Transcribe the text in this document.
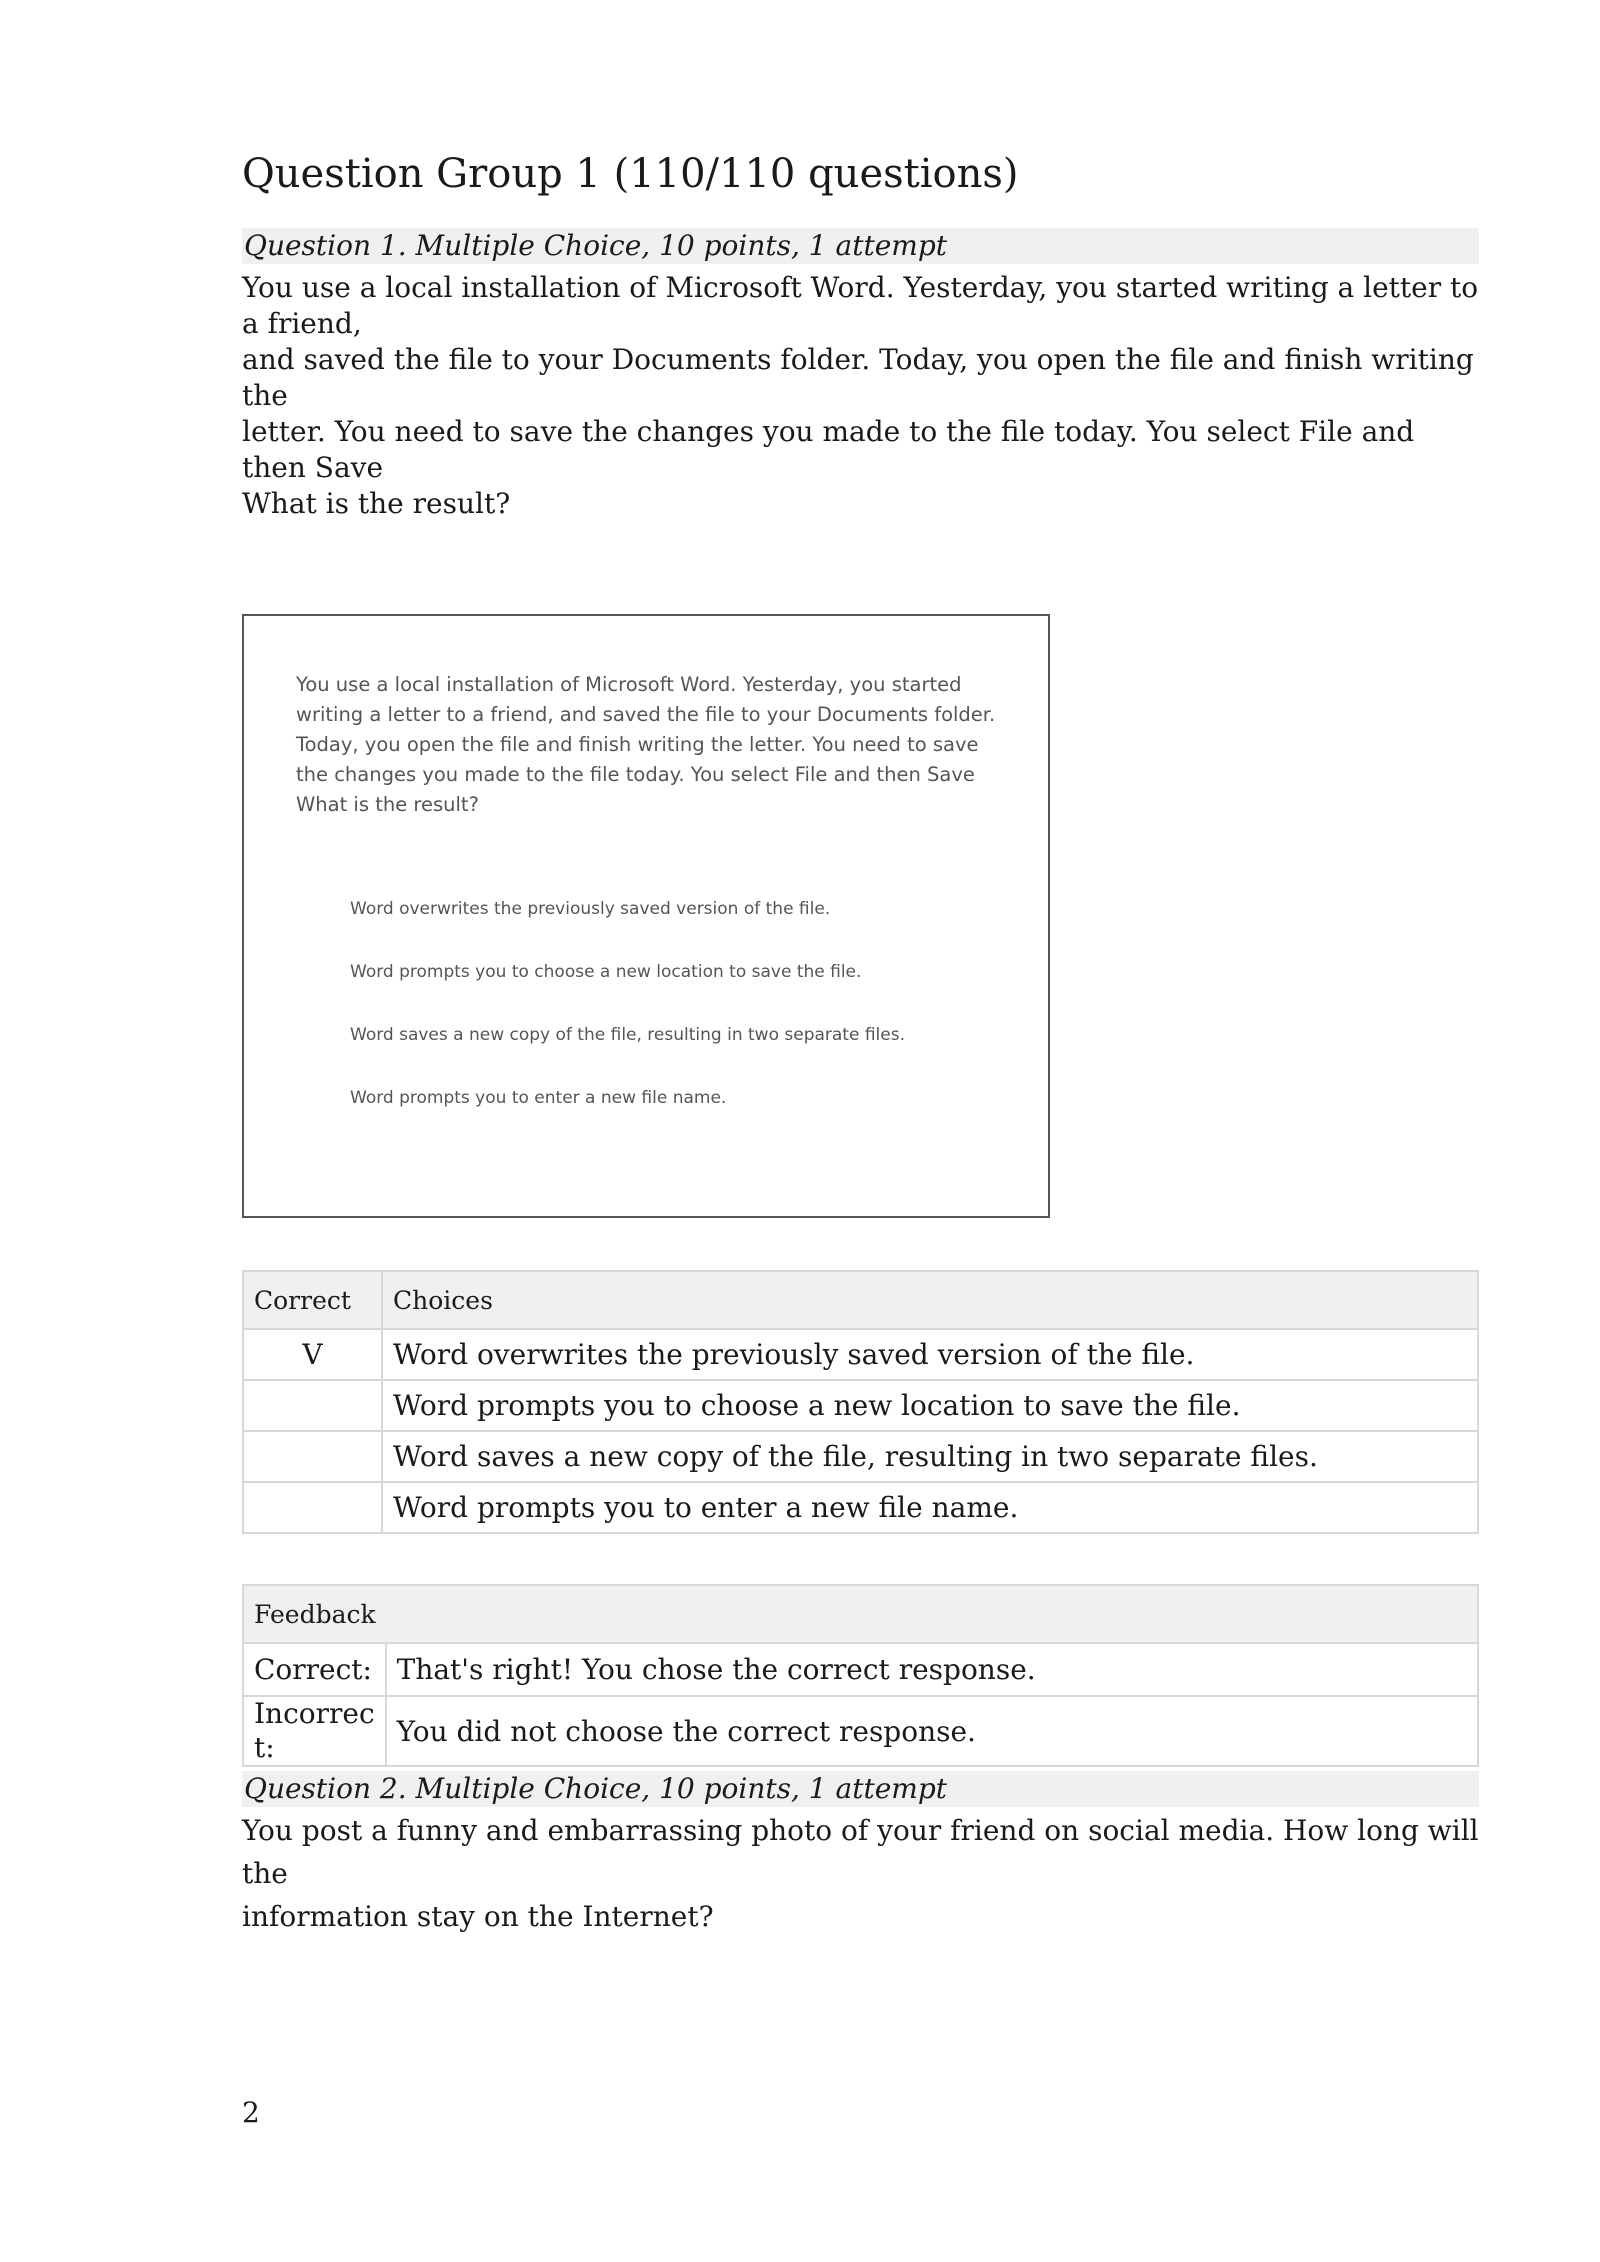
Question Group 1 (110/110 questions)
Question 1. Multiple Choice, 10 points, 1 attempt

You use a local installation of Microsoft Word. Yesterday, you started writing a letter to a friend,

and saved the file to your Documents folder. Today, you open the file and finish writing the

letter. You need to save the changes you made to the file today. You select File and then Save

What is the result?

You use a local installation of Microsoft Word. Yesterday, you started

writing a letter to a friend, and saved the file to your Documents folder.

Today, you open the file and finish writing the letter. You need to save

the changes you made to the file today. You select File and then Save

What is the result?

Word overwrites the previously saved version of the file.
Word prompts you to choose a new location to save the file.
Word saves a new copy of the file, resulting in two separate files.
Word prompts you to enter a new file name.
Correct	Choices
V	Word overwrites the previously saved version of the file.
	Word prompts you to choose a new location to save the file.
	Word saves a new copy of the file, resulting in two separate files.
	Word prompts you to enter a new file name.
Feedback	
Correct:	That's right! You chose the correct response.
Incorrec
t:	You did not choose the correct response.
Question 2. Multiple Choice, 10 points, 1 attempt

You post a funny and embarrassing photo of your friend on social media. How long will the

information stay on the Internet?

2
